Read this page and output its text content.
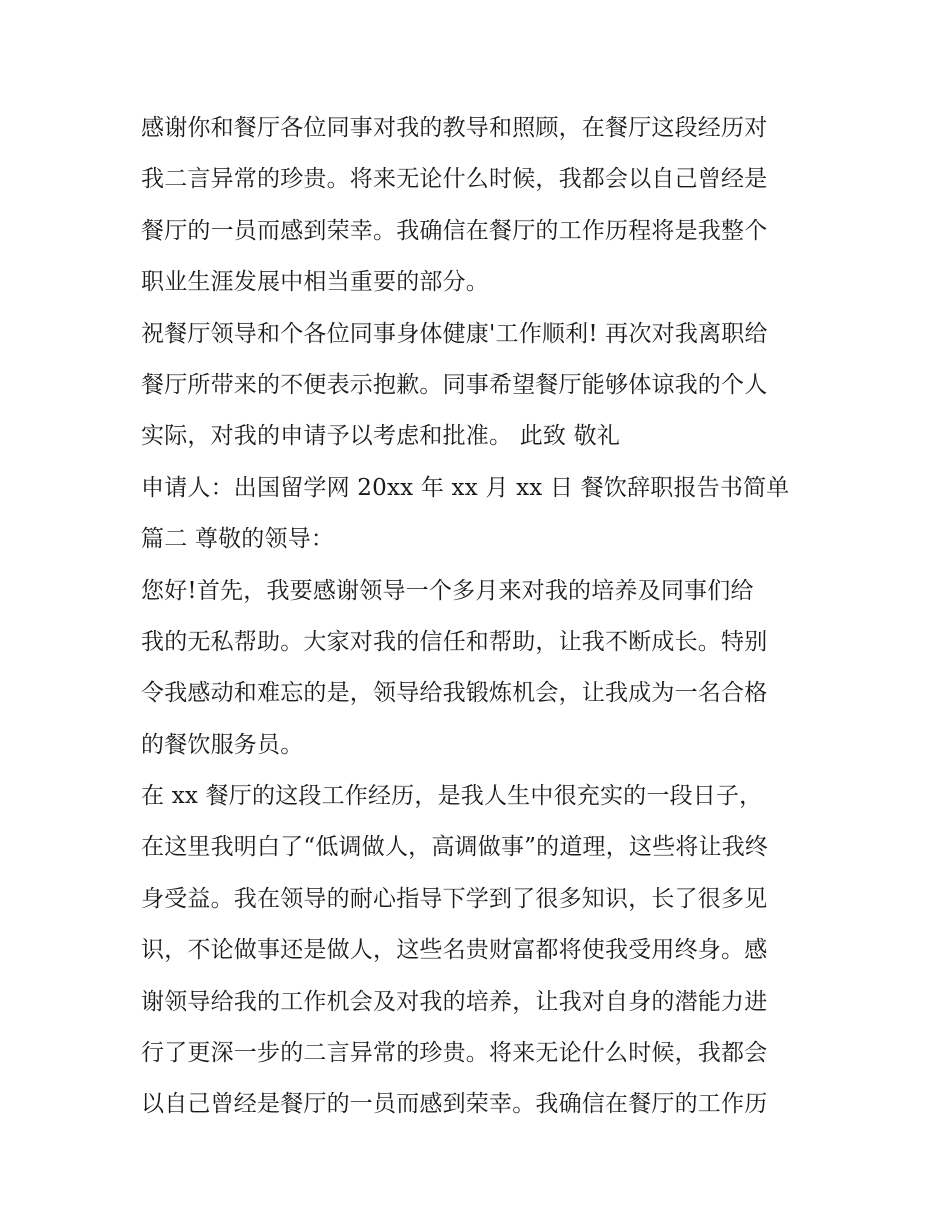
感谢你和餐厅各位同事对我的教导和照顾，在餐厅这段经历对
我二言异常的珍贵。将来无论什么时候，我都会以自己曾经是
餐厅的一员而感到荣幸。我确信在餐厅的工作历程将是我整个
职业生涯发展中相当重要的部分。
祝餐厅领导和个各位同事身体健康'工作顺利! 再次对我离职给
餐厅所带来的不便表示抱歉。同事希望餐厅能够体谅我的个人
实际，对我的申请予以考虑和批准。 此致 敬礼
申请人：出国留学网 20xx 年 xx 月 xx 日 餐饮辞职报告书简单
篇二 尊敬的领导：
您好!首先，我要感谢领导一个多月来对我的培养及同事们给
我的无私帮助。大家对我的信任和帮助，让我不断成长。特别
令我感动和难忘的是，领导给我锻炼机会，让我成为一名合格
的餐饮服务员。
在 xx 餐厅的这段工作经历，是我人生中很充实的一段日子，
在这里我明白了“低调做人，高调做事”的道理，这些将让我终
身受益。我在领导的耐心指导下学到了很多知识，长了很多见
识，不论做事还是做人，这些名贵财富都将使我受用终身。感
谢领导给我的工作机会及对我的培养，让我对自身的潜能力进
行了更深一步的二言异常的珍贵。将来无论什么时候，我都会
以自己曾经是餐厅的一员而感到荣幸。我确信在餐厅的工作历
